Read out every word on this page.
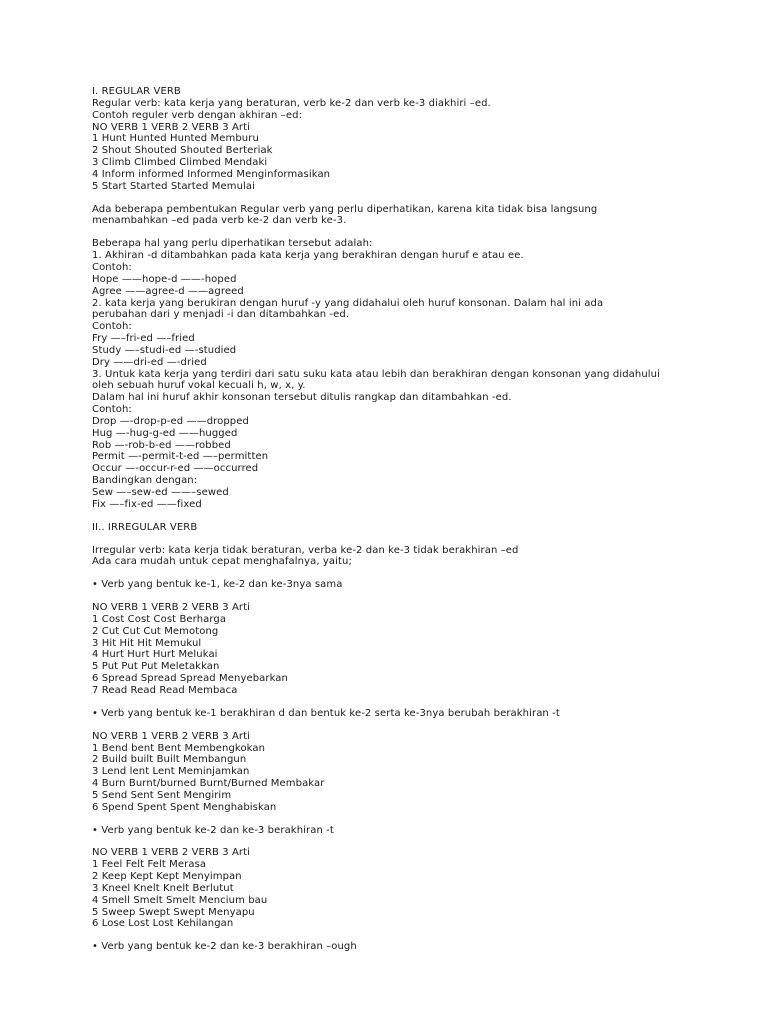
I. REGULAR VERB
Regular verb: kata kerja yang beraturan, verb ke-2 dan verb ke-3 diakhiri –ed.
Contoh reguler verb dengan akhiran –ed:
NO VERB 1 VERB 2 VERB 3 Arti
1 Hunt Hunted Hunted Memburu
2 Shout Shouted Shouted Berteriak
3 Climb Climbed Climbed Mendaki
4 Inform informed Informed Menginformasikan
5 Start Started Started Memulai
Ada beberapa pembentukan Regular verb yang perlu diperhatikan, karena kita tidak bisa langsung
menambahkan –ed pada verb ke-2 dan verb ke-3.
Beberapa hal yang perlu diperhatikan tersebut adalah:
1. Akhiran -d ditambahkan pada kata kerja yang berakhiran dengan huruf e atau ee.
Contoh:
Hope ——hope-d ——-hoped
Agree ——agree-d ——agreed
2. kata kerja yang berukiran dengan huruf -y yang didahalui oleh huruf konsonan. Dalam hal ini ada
perubahan dari y menjadi -i dan ditambahkan -ed.
Contoh:
Fry —–fri-ed —–fried
Study —–studi-ed —-studied
Dry ——dri-ed —-dried
3. Untuk kata kerja yang terdiri dari satu suku kata atau lebih dan berakhiran dengan konsonan yang didahului
oleh sebuah huruf vokal kecuali h, w, x, y.
Dalam hal ini huruf akhir konsonan tersebut ditulis rangkap dan ditambahkan -ed.
Contoh:
Drop —-drop-p-ed ——dropped
Hug —-hug-g-ed ——hugged
Rob —-rob-b-ed ——robbed
Permit —-permit-t-ed —–permitten
Occur —-occur-r-ed ——occurred
Bandingkan dengan:
Sew —–sew-ed ——–sewed
Fix —–fix-ed ——fixed
II.. IRREGULAR VERB
Irregular verb: kata kerja tidak beraturan, verba ke-2 dan ke-3 tidak berakhiran –ed
Ada cara mudah untuk cepat menghafalnya, yaitu;
• Verb yang bentuk ke-1, ke-2 dan ke-3nya sama
NO VERB 1 VERB 2 VERB 3 Arti
1 Cost Cost Cost Berharga
2 Cut Cut Cut Memotong
3 Hit Hit Hit Memukul
4 Hurt Hurt Hurt Melukai
5 Put Put Put Meletakkan
6 Spread Spread Spread Menyebarkan
7 Read Read Read Membaca
• Verb yang bentuk ke-1 berakhiran d dan bentuk ke-2 serta ke-3nya berubah berakhiran -t
NO VERB 1 VERB 2 VERB 3 Arti
1 Bend bent Bent Membengkokan
2 Build built Built Membangun
3 Lend lent Lent Meminjamkan
4 Burn Burnt/burned Burnt/Burned Membakar
5 Send Sent Sent Mengirim
6 Spend Spent Spent Menghabiskan
• Verb yang bentuk ke-2 dan ke-3 berakhiran -t
NO VERB 1 VERB 2 VERB 3 Arti
1 Feel Felt Felt Merasa
2 Keep Kept Kept Menyimpan
3 Kneel Knelt Knelt Berlutut
4 Smell Smelt Smelt Mencium bau
5 Sweep Swept Swept Menyapu
6 Lose Lost Lost Kehilangan
• Verb yang bentuk ke-2 dan ke-3 berakhiran –ough
